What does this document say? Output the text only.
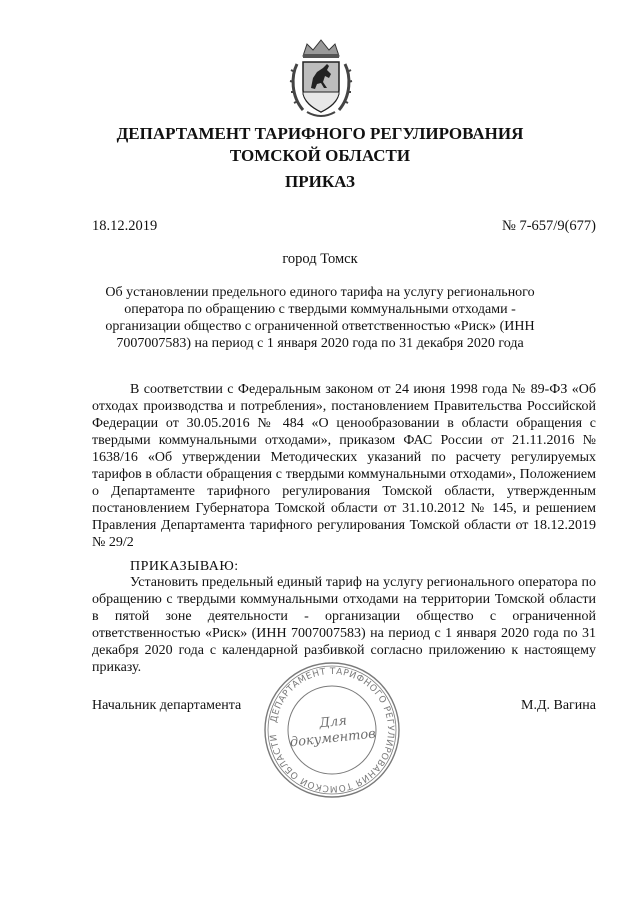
ДЕПАРТАМЕНТ ТАРИФНОГО РЕГУЛИРОВАНИЯ
ТОМСКОЙ ОБЛАСТИ
ПРИКАЗ
18.12.2019	№ 7-657/9(677)
город Томск
Об установлении предельного единого тарифа на услугу регионального оператора по обращению с твердыми коммунальными отходами - организации общество с ограниченной ответственностью «Риск» (ИНН 7007007583) на период с 1 января 2020 года по 31 декабря 2020 года

В соответствии с Федеральным законом от 24 июня 1998 года № 89-ФЗ «Об отходах производства и потребления», постановлением Правительства Российской Федерации от 30.05.2016 № 484 «О ценообразовании в области обращения с твердыми коммунальными отходами», приказом ФАС России от 21.11.2016 № 1638/16 «Об утверждении Методических указаний по расчету регулируемых тарифов в области обращения с твердыми коммунальными отходами», Положением о Департаменте тарифного регулирования Томской области, утвержденным постановлением Губернатора Томской области от 31.10.2012 № 145, и решением Правления Департамента тарифного регулирования Томской области от 18.12.2019 № 29/2

ПРИКАЗЫВАЮ:

Установить предельный единый тариф на услугу регионального оператора по обращению с твердыми коммунальными отходами на территории Томской области в пятой зоне деятельности - организации общество с ограниченной ответственностью «Риск» (ИНН 7007007583) на период с 1 января 2020 года по 31 декабря 2020 года с календарной разбивкой согласно приложению к настоящему приказу.

Начальник департамента	М.Д. Вагина
ДЕПАРТАМЕНТ ТАРИФНОГО РЕГУЛИРОВАНИЯ ТОМСКОЙ ОБЛАСТИ
Для
документов
